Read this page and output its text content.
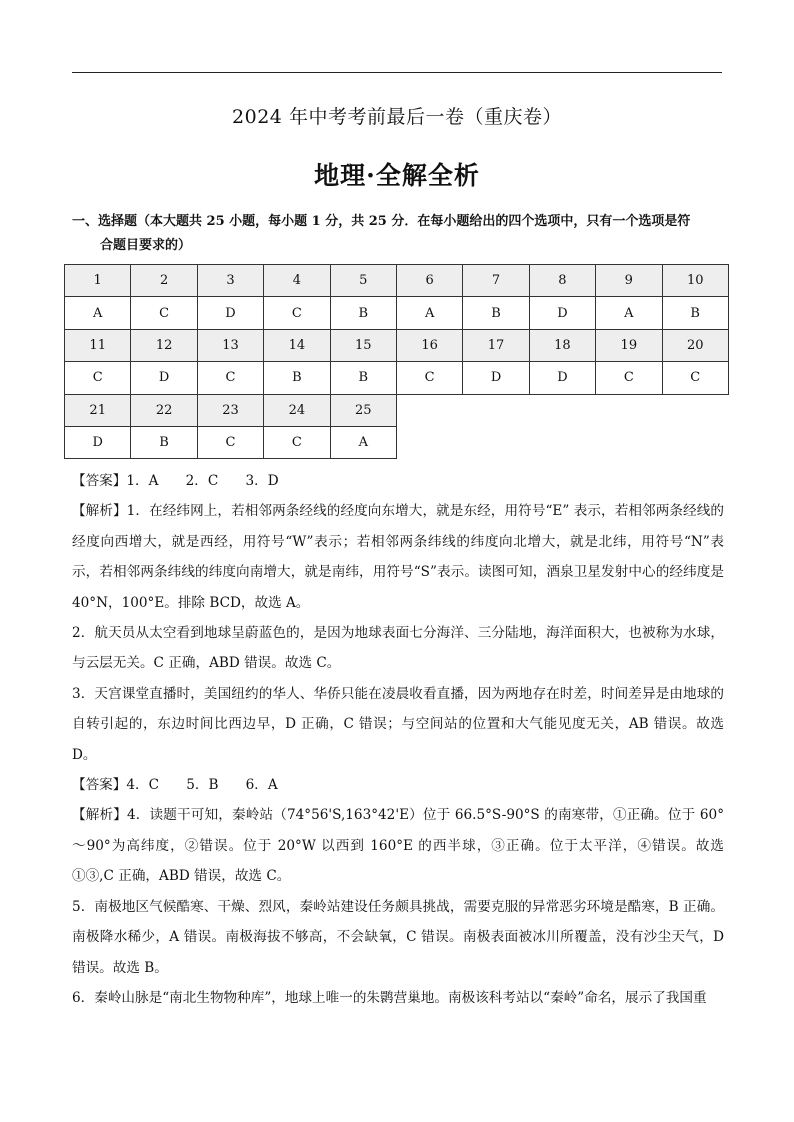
2024 年中考考前最后一卷（重庆卷）
地理·全解全析
一、选择题（本大题共 25 小题，每小题 1 分，共 25 分．在每小题给出的四个选项中，只有一个选项是符
合题目要求的）
1	2	3	4	5	6	7	8	9	10
A	C	D	C	B	A	B	D	A	B
11	12	13	14	15	16	17	18	19	20
C	D	C	B	B	C	D	D	C	C
21	22	23	24	25					
D	B	C	C	A					

【答案】1．A　　2．C　　3．D

【解析】1．在经纬网上，若相邻两条经线的经度向东增大，就是东经，用符号“E” 表示，若相邻两条经线的经度向西增大，就是西经，用符号“W”表示；若相邻两条纬线的纬度向北增大，就是北纬，用符号“N”表示，若相邻两条纬线的纬度向南增大，就是南纬，用符号“S”表示。读图可知，酒泉卫星发射中心的经纬度是 40°N，100°E。排除 BCD，故选 A。

2．航天员从太空看到地球呈蔚蓝色的，是因为地球表面七分海洋、三分陆地，海洋面积大，也被称为水球，与云层无关。C 正确，ABD 错误。故选 C。

3．天宫课堂直播时，美国纽约的华人、华侨只能在凌晨收看直播，因为两地存在时差，时间差异是由地球的自转引起的，东边时间比西边早，D 正确，C 错误；与空间站的位置和大气能见度无关，AB 错误。故选 D。

【答案】4．C　　5．B　　6．A

【解析】4．读题干可知，秦岭站（74°56'S,163°42'E）位于 66.5°S-90°S 的南寒带，①正确。位于 60°～90°为高纬度，②错误。位于 20°W 以西到 160°E 的西半球，③正确。位于太平洋，④错误。故选①③,C 正确，ABD 错误，故选 C。

5．南极地区气候酷寒、干燥、烈风，秦岭站建设任务颇具挑战，需要克服的异常恶劣环境是酷寒，B 正确。南极降水稀少，A 错误。南极海拔不够高，不会缺氧，C 错误。南极表面被冰川所覆盖，没有沙尘天气，D 错误。故选 B。

6．秦岭山脉是“南北生物物种库”，地球上唯一的朱鹮营巢地。南极该科考站以“秦岭”命名，展示了我国重
